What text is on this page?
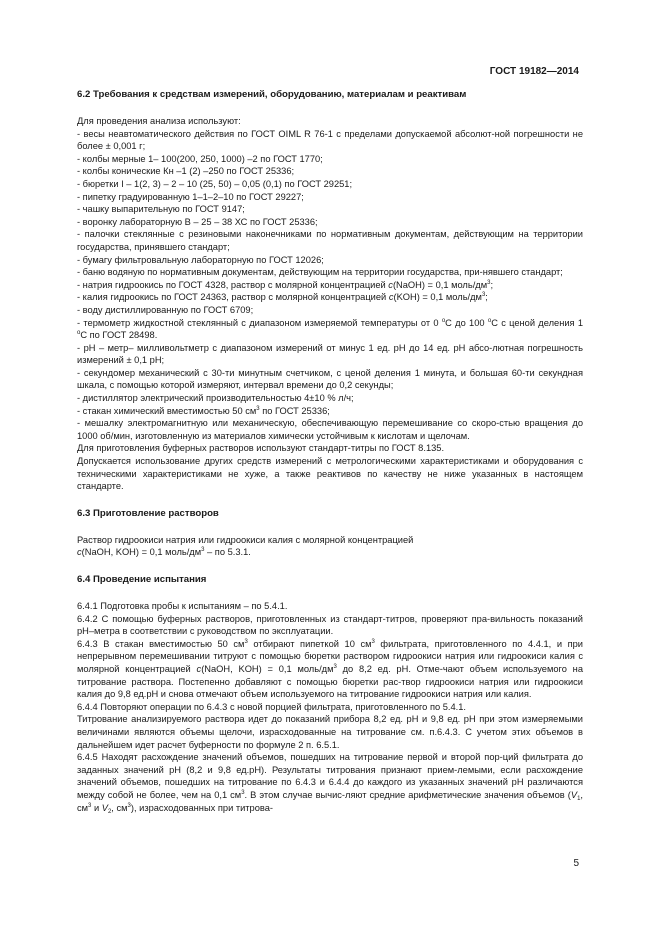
ГОСТ 19182—2014
6.2 Требования к средствам измерений, оборудованию, материалам и реактивам

Для проведения анализа используют:

- весы неавтоматического действия по ГОСТ OIML R 76-1 с пределами допускаемой абсолют-ной погрешности не более ± 0,001 г;
- колбы мерные 1– 100(200, 250, 1000) –2 по ГОСТ 1770;
- колбы конические Кн –1 (2) –250 по ГОСТ 25336;
- бюретки I – 1(2, 3) – 2 – 10 (25, 50) – 0,05 (0,1) по ГОСТ 29251;
- пипетку градуированную 1–1–2–10 по ГОСТ 29227;
- чашку выпарительную по ГОСТ 9147;
- воронку лабораторную В – 25 – 38 ХС по ГОСТ 25336;
- палочки стеклянные с резиновыми наконечниками по нормативным документам, действующим на территории государства, принявшего стандарт;
- бумагу фильтровальную лабораторную по ГОСТ 12026;
- баню водяную по нормативным документам, действующим на территории государства, при-нявшего стандарт;
- натрия гидроокись по ГОСТ 4328, раствор с молярной концентрацией c(NaOH) = 0,1 моль/$дм^3$;
- калия гидроокись по ГОСТ 24363, раствор с молярной концентрацией c(KOH) = 0,1 моль/$дм^3$;
- воду дистиллированную по ГОСТ 6709;
- термометр жидкостной стеклянный с диапазоном измеряемой температуры от 0 $^o$С до 100 $^o$С с ценой деления 1 $^o$С по ГОСТ 28498.
- рН – метр– милливольтметр с диапазоном измерений от минус 1 ед. рН до 14 ед. рН абсо-лютная погрешность измерений ± 0,1 рН;
- секундомер механический с 30-ти минутным счетчиком, с ценой деления 1 минута, и большая 60-ти секундная шкала, с помощью которой измеряют, интервал времени до 0,2 секунды;
- дистиллятор электрический производительностью 4±10 % л/ч;
- стакан химический вместимостью 50 $см^3$ по ГОСТ 25336;
- мешалку электромагнитную или механическую, обеспечивающую перемешивание со скоро-стью вращения до 1000 об/мин, изготовленную из материалов химически устойчивым к кислотам и щелочам.

Для приготовления буферных растворов используют стандарт-титры по ГОСТ 8.135.

Допускается использование других средств измерений с метрологическими характеристиками и оборудования с техническими характеристиками не хуже, а также реактивов по качеству не ниже указанных в настоящем стандарте.

6.3 Приготовление растворов

Раствор гидроокиси натрия или гидроокиси калия с молярной концентрацией

c(NaOH, KOH) = 0,1 моль/$дм^3$ – по 5.3.1.

6.4 Проведение испытания

6.4.1 Подготовка пробы к испытаниям – по 5.4.1.

6.4.2 С помощью буферных растворов, приготовленных из стандарт-титров, проверяют пра-вильность показаний рН–метра в соответствии с руководством по эксплуатации.

6.4.3 В стакан вместимостью 50 $см^3$ отбирают пипеткой 10 $см^3$ фильтрата, приготовленного по 4.4.1, и при непрерывном перемешивании титруют с помощью бюретки раствором гидроокиси натрия или гидроокиси калия с молярной концентрацией c(NaOH, KOH) = 0,1 моль/$дм^3$ до 8,2 ед. рН. Отме-чают объем используемого на титрование раствора. Постепенно добавляют с помощью бюретки рас-твор гидроокиси натрия или гидроокиси калия до 9,8 ед.рН и снова отмечают объем используемого на титрование гидроокиси натрия или калия.

6.4.4 Повторяют операции по 6.4.3 с новой порцией фильтрата, приготовленного по 5.4.1.

Титрование анализируемого раствора идет до показаний прибора 8,2 ед. рН и 9,8 ед. рН при этом измеряемыми величинами являются объемы щелочи, израсходованные на титрование см. п.6.4.3. С учетом этих объемов в дальнейшем идет расчет буферности по формуле 2 п. 6.5.1.

6.4.5 Находят расхождение значений объемов, пошедших на титрование первой и второй пор-ций фильтрата до заданных значений рН (8,2 и 9,8 ед.рН). Результаты титрования признают прием-лемыми, если расхождение значений объемов, пошедших на титрование по 6.4.3 и 6.4.4 до каждого из указанных значений рН различаются между собой не более, чем на 0,1 $см^3$. В этом случае вычис-ляют средние арифметические значения объемов ($V_1$, $см^3$ и $V_2$, $см^3$), израсходованных при титрова-

5
